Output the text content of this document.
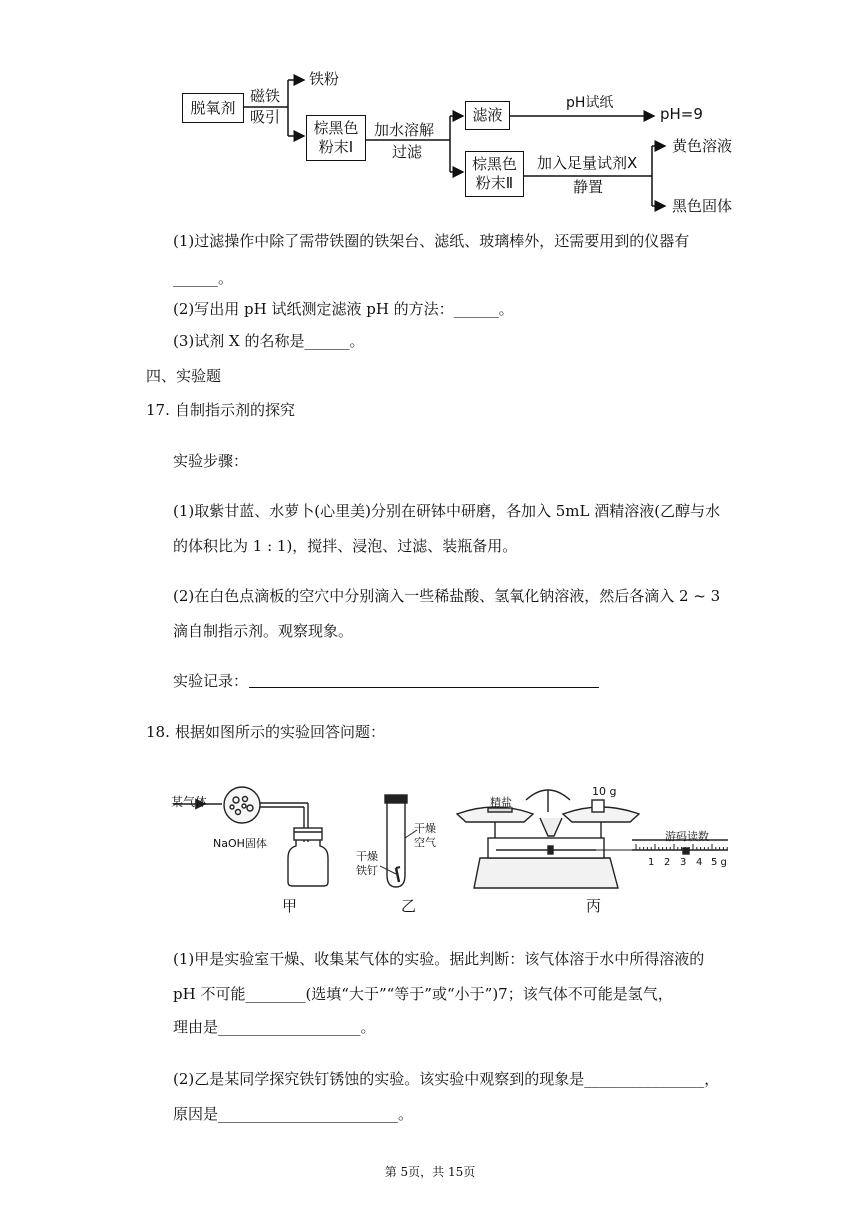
脱氧剂
磁铁
吸引
铁粉
棕黑色
粉末Ⅰ
加水溶解
过滤
滤液
pH试纸
pH=9
棕黑色
粉末Ⅱ
加入足量试剂X
静置
黄色溶液
黑色固体
(1)过滤操作中除了需带铁圈的铁架台、滤纸、玻璃棒外，还需要用到的仪器有
______。
(2)写出用 pH 试纸测定滤液 pH 的方法：______。
(3)试剂 X 的名称是______。
四、实验题
17. 自制指示剂的探究
实验步骤：
(1)取紫甘蓝、水萝卜(心里美)分别在研钵中研磨，各加入 5mL 酒精溶液(乙醇与水
的体积比为 1 : 1)，搅拌、浸泡、过滤、装瓶备用。
(2)在白色点滴板的空穴中分别滴入一些稀盐酸、氢氧化钠溶液，然后各滴入 2 ~ 3
滴自制指示剂。观察现象。
实验记录：
18. 根据如图所示的实验回答问题：
某气体
NaOH固体
甲
干燥
空气
干燥
铁钉
乙
精盐
10 g
游码读数
1 2 3 4 5 g
丙
(1)甲是实验室干燥、收集某气体的实验。据此判断：该气体溶于水中所得溶液的
pH 不可能________(选填“大于”“等于”或“小于”)7；该气体不可能是氢气，
理由是___________________。
(2)乙是某同学探究铁钉锈蚀的实验。该实验中观察到的现象是________________，
原因是________________________。
第 5页，共 15页
